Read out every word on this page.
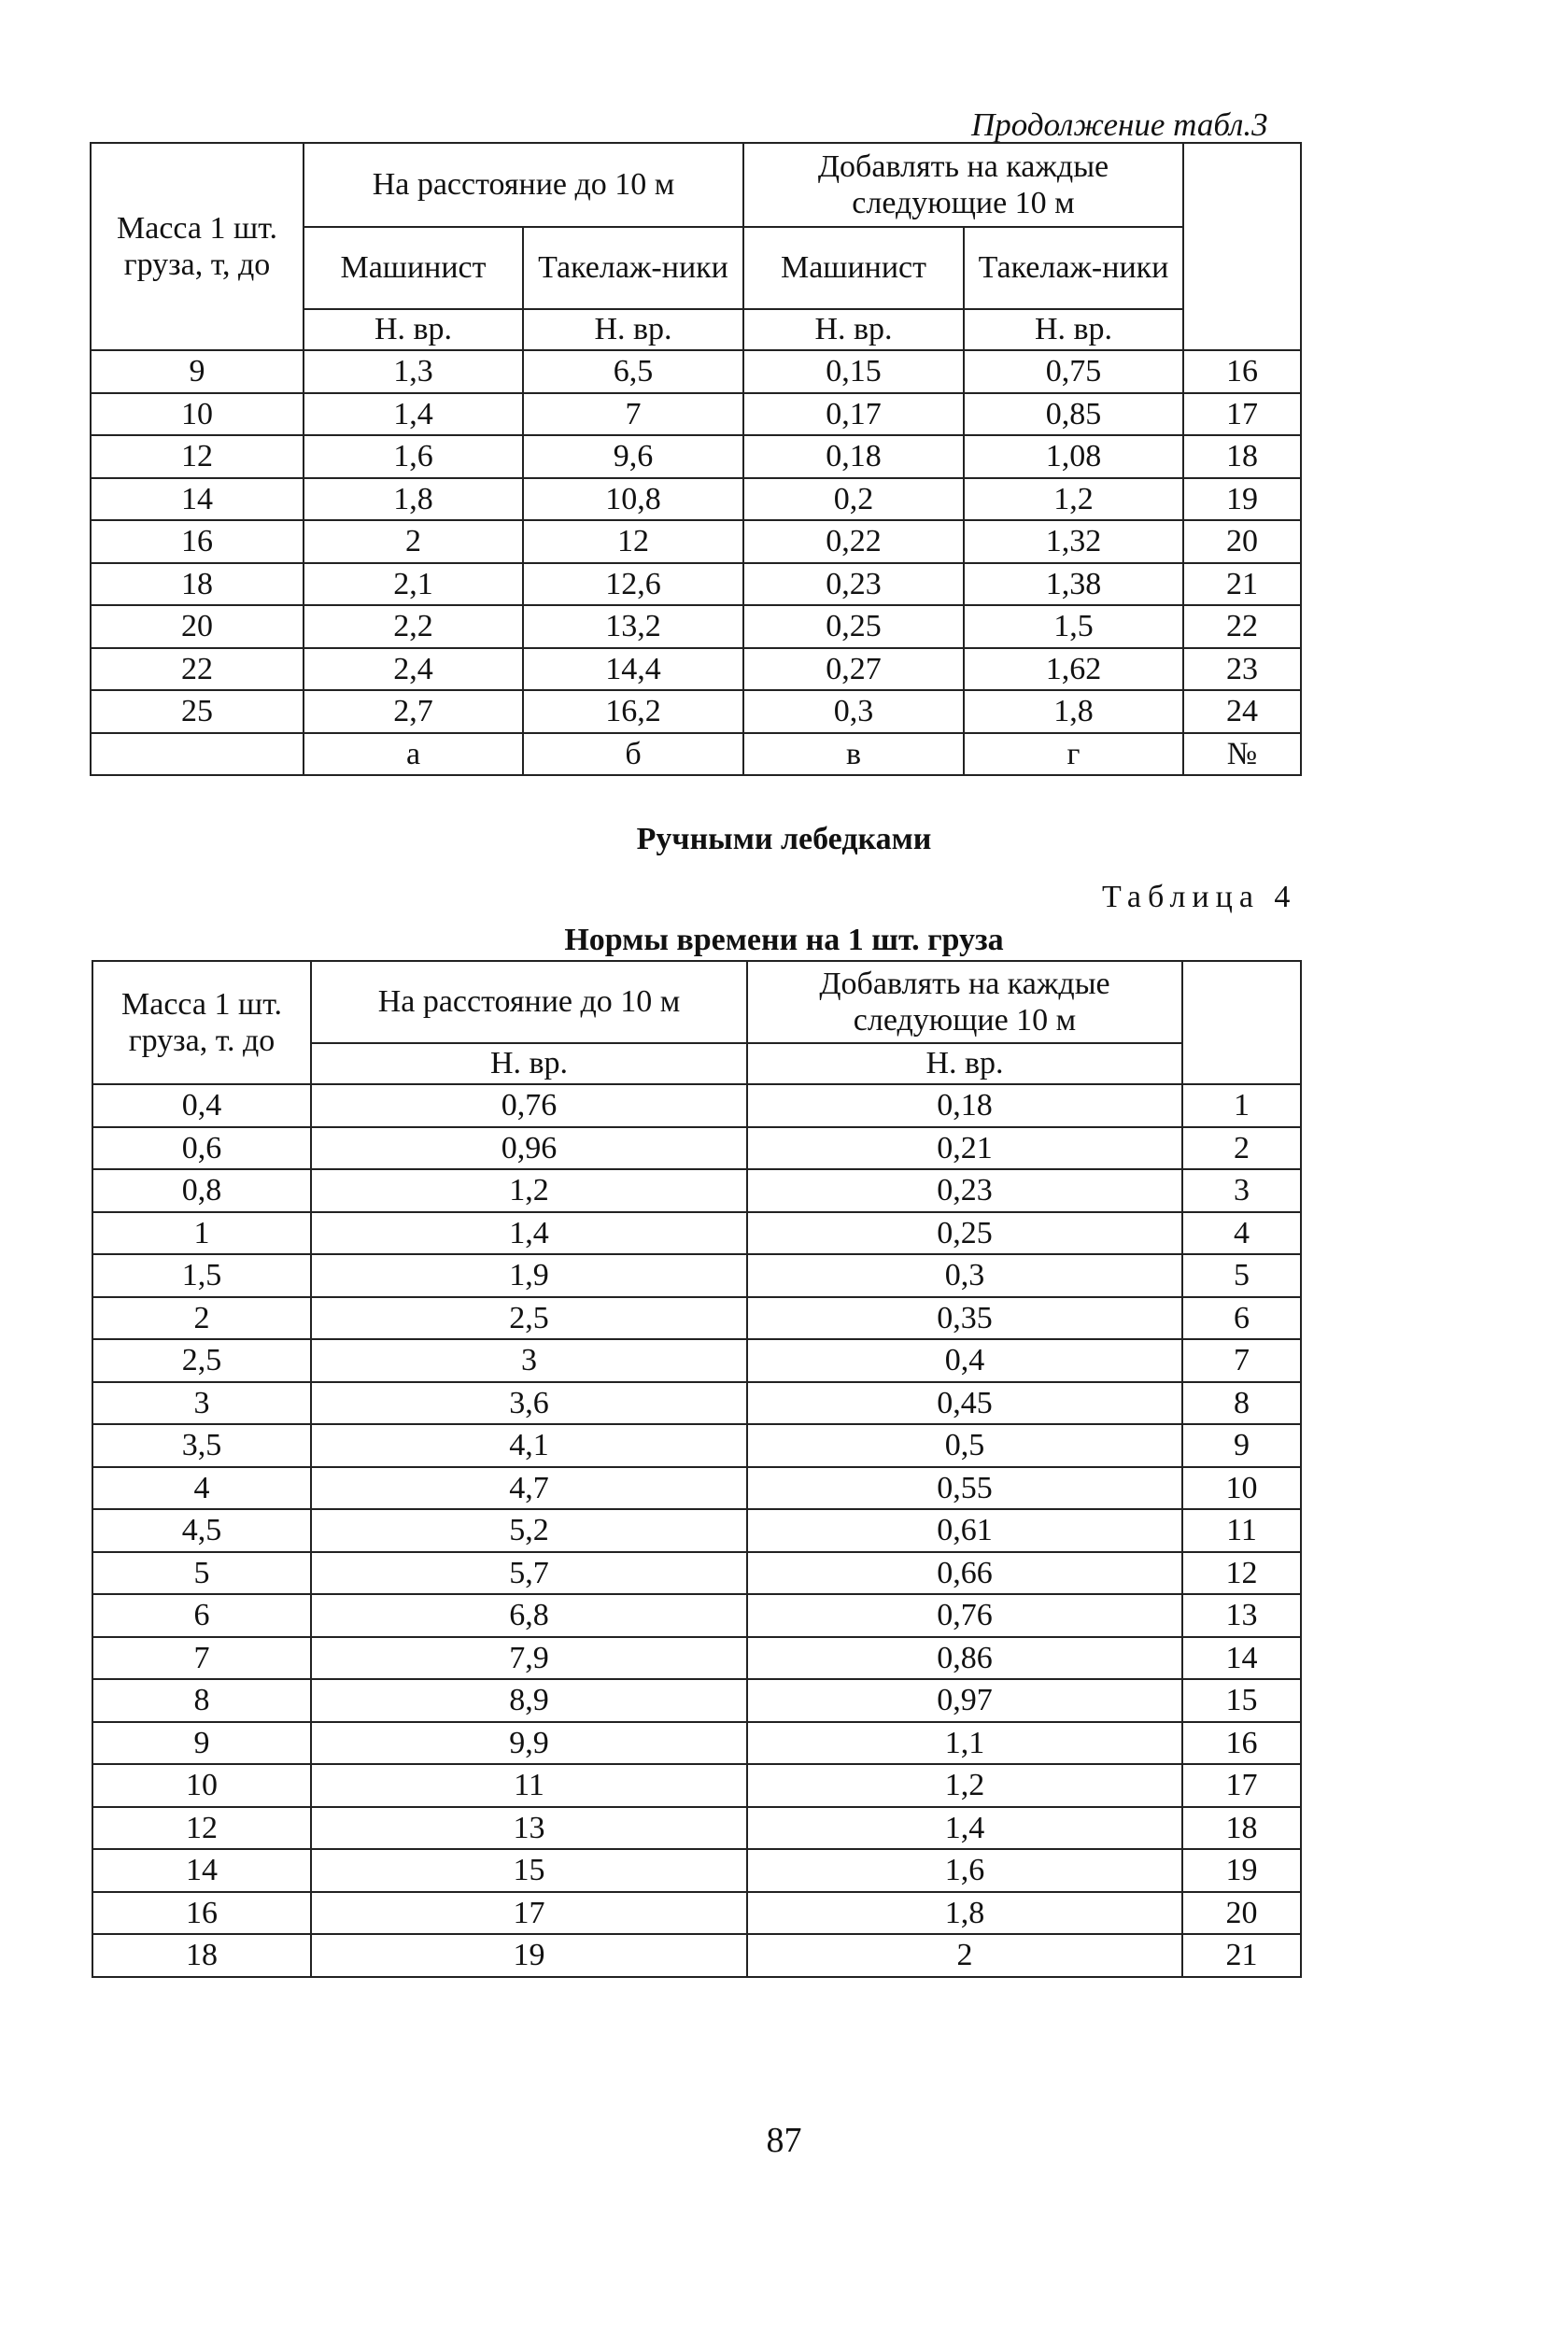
Продолжение табл.3
Масса 1 шт. груза, т, до	На расстояние до 10 м		Добавлять на каждые следующие 10 м		
	Машинист	Такелаж-ники	Машинист	Такелаж-ники	
	Н. вр.	Н. вр.	Н. вр.	Н. вр.	
9	1,3	6,5	0,15	0,75	16
10	1,4	7	0,17	0,85	17
12	1,6	9,6	0,18	1,08	18
14	1,8	10,8	0,2	1,2	19
16	2	12	0,22	1,32	20
18	2,1	12,6	0,23	1,38	21
20	2,2	13,2	0,25	1,5	22
22	2,4	14,4	0,27	1,62	23
25	2,7	16,2	0,3	1,8	24
	а	б	в	г	№
Ручными лебедками
Таблица 4
Нормы времени на 1 шт. груза
Масса 1 шт. груза, т. до	На расстояние до 10 м	Добавлять на каждые следующие 10 м	
	Н. вр.	Н. вр.	
0,4	0,76	0,18	1
0,6	0,96	0,21	2
0,8	1,2	0,23	3
1	1,4	0,25	4
1,5	1,9	0,3	5
2	2,5	0,35	6
2,5	3	0,4	7
3	3,6	0,45	8
3,5	4,1	0,5	9
4	4,7	0,55	10
4,5	5,2	0,61	11
5	5,7	0,66	12
6	6,8	0,76	13
7	7,9	0,86	14
8	8,9	0,97	15
9	9,9	1,1	16
10	11	1,2	17
12	13	1,4	18
14	15	1,6	19
16	17	1,8	20
18	19	2	21
87
